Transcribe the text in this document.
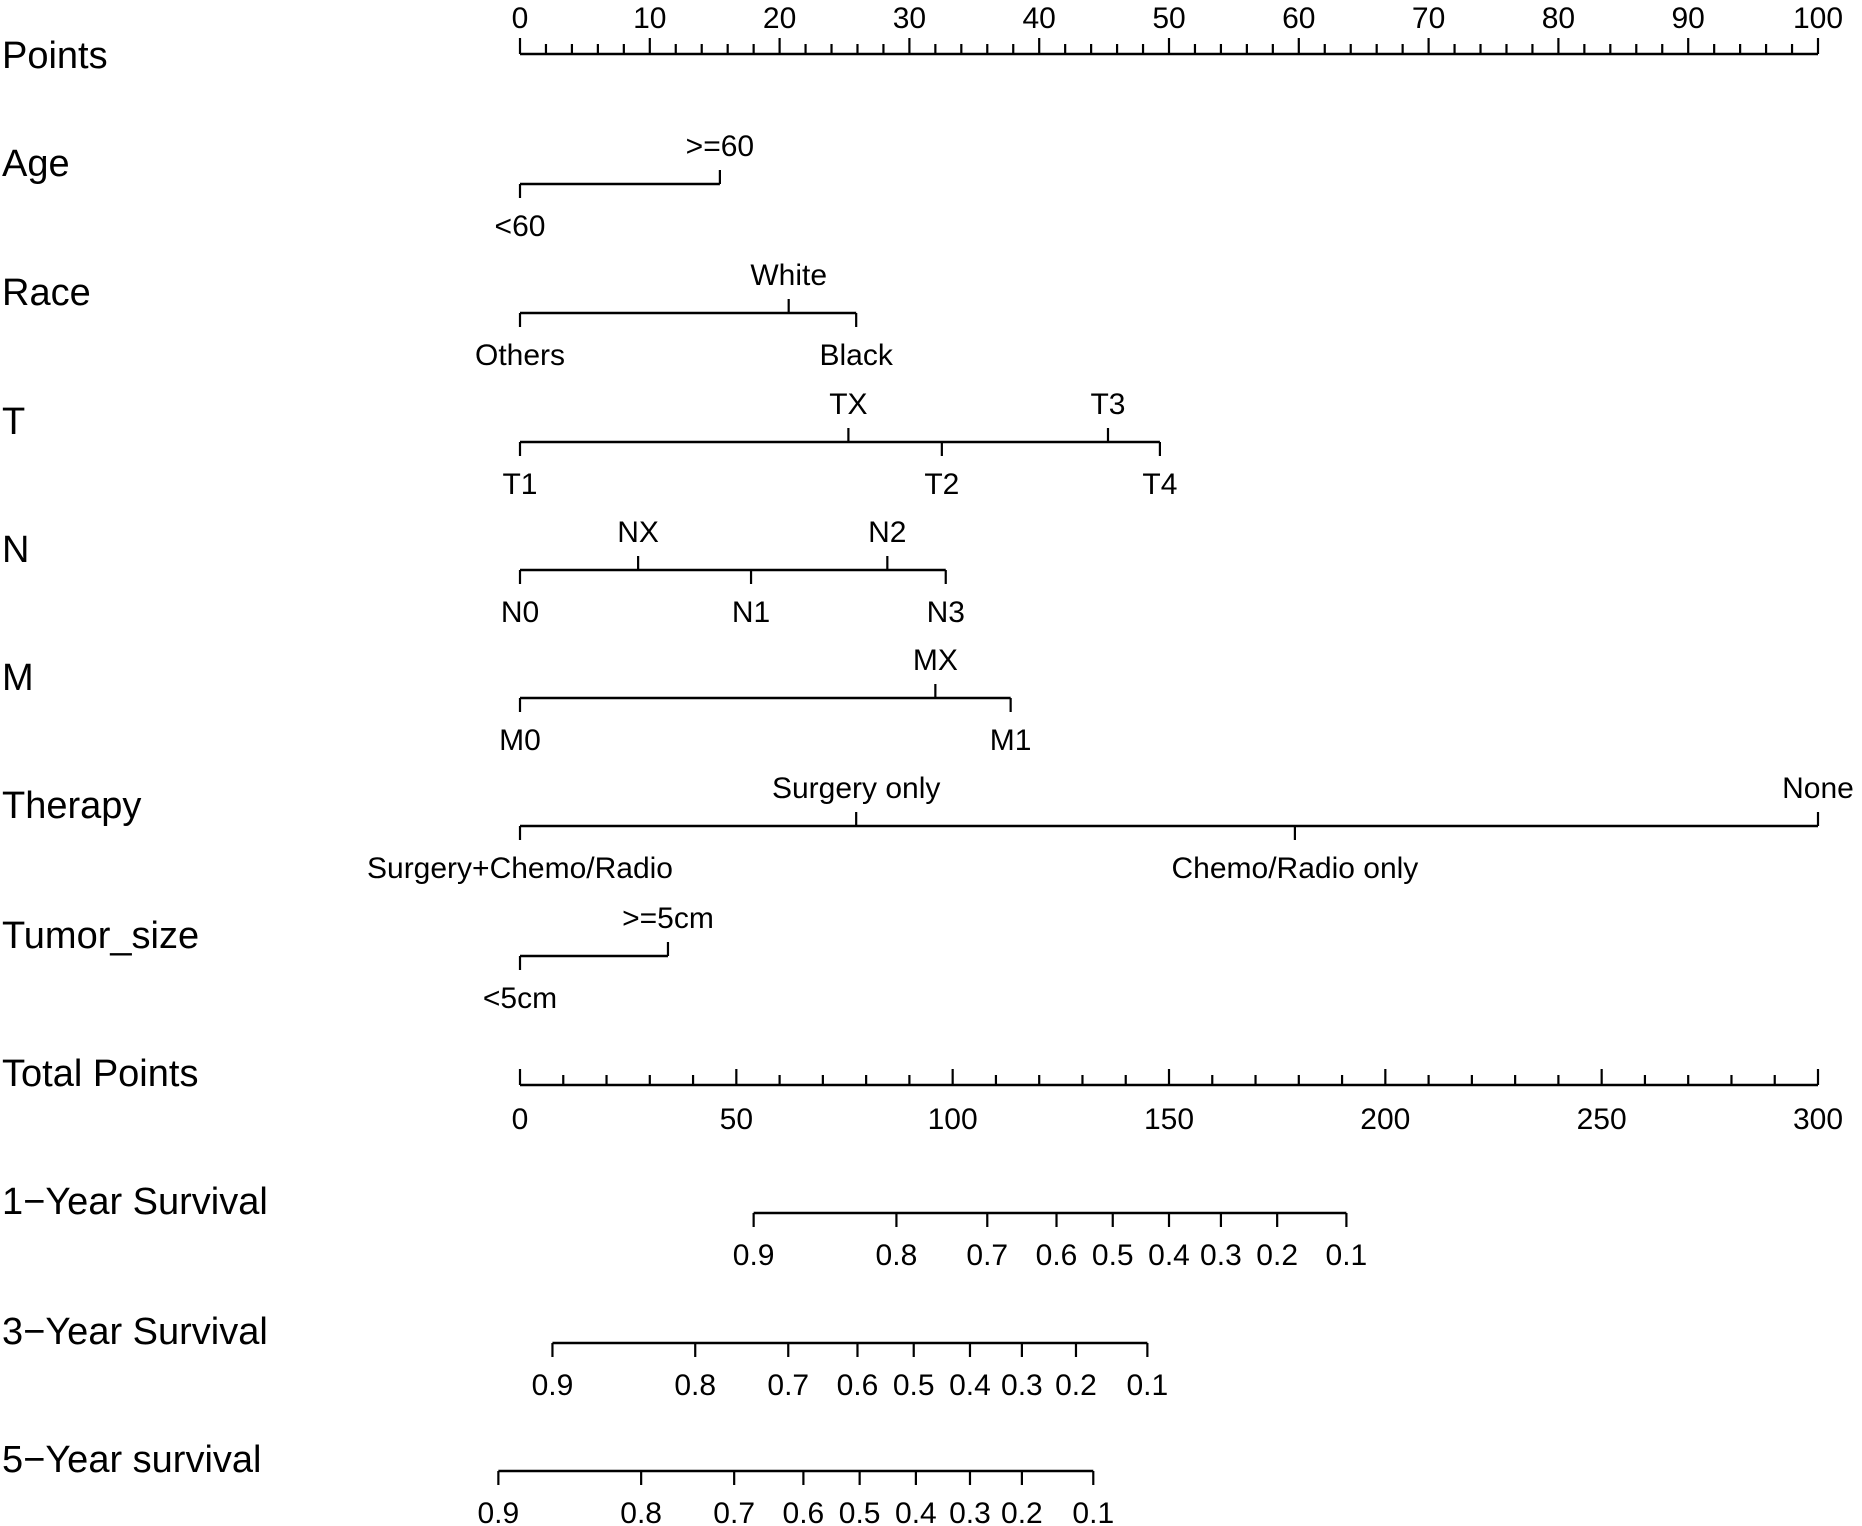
Points
0	10	20	30	40	50	60	70	80	90	100
Age
<60
>=60
Race
Others
White
Black
T
T1
TX
T2
T3
T4
N
N0
NX
N1
N2
N3
M
M0
MX
M1
Therapy
Surgery+Chemo/Radio
Surgery only
Chemo/Radio only
None
Tumor_size
<5cm
>=5cm
Total Points
0	50	100	150	200	250	300
1−Year Survival
0.9	0.8 0.7 0.6 0.5 0.4 0.3 0.2 0.1
3−Year Survival
0.9	0.8 0.7 0.6 0.5 0.4 0.3 0.2 0.1
5−Year survival
0.9	0.8 0.7 0.6 0.5 0.4 0.3 0.2 0.1
